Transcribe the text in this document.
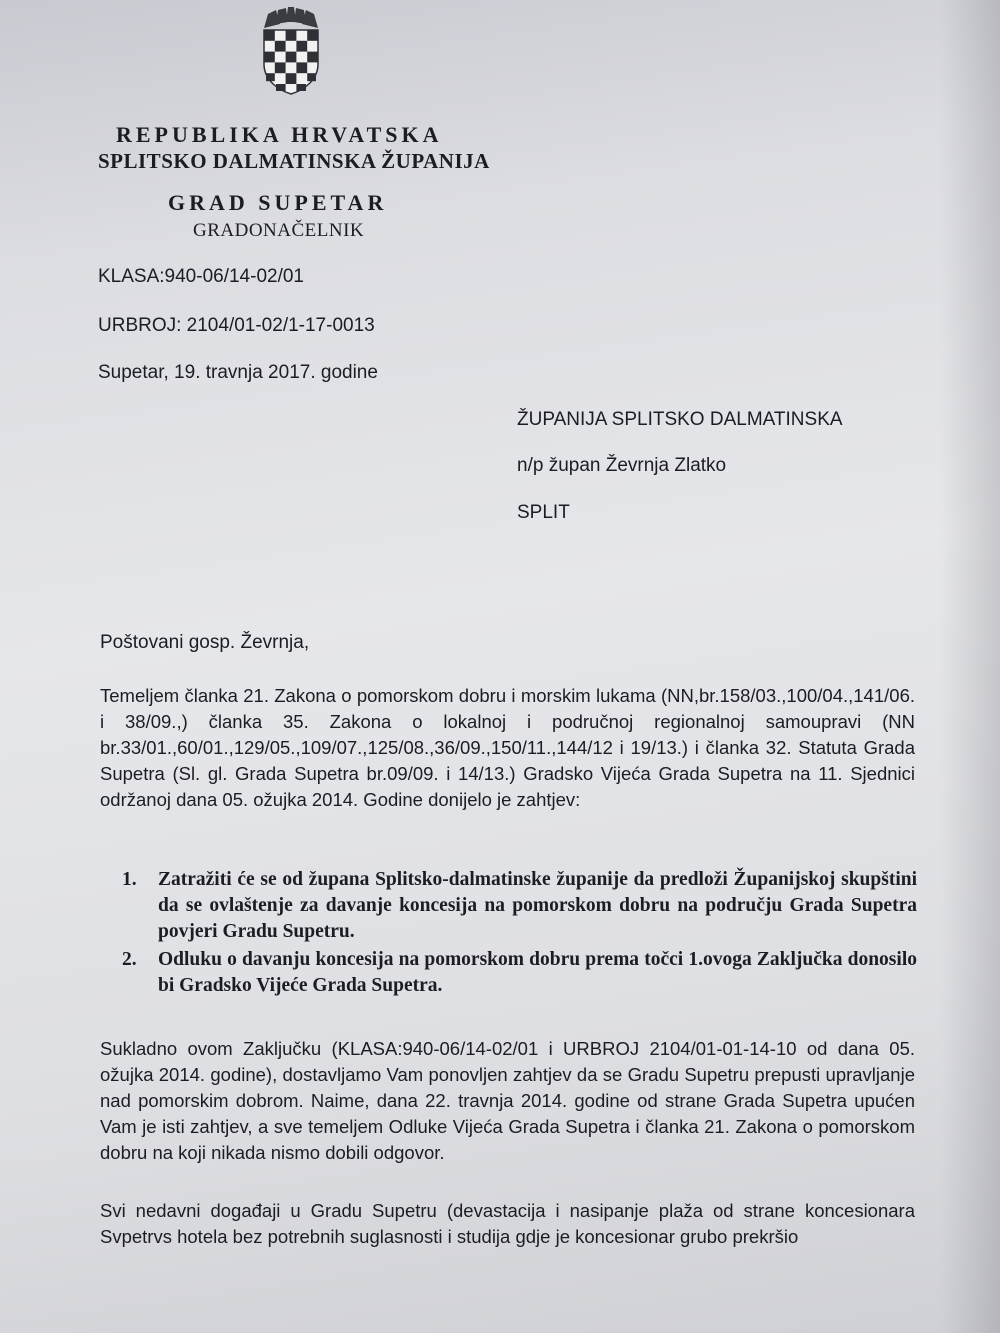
REPUBLIKA HRVATSKA
SPLITSKO DALMATINSKA ŽUPANIJA
GRAD SUPETAR
GRADONAČELNIK
KLASA:940-06/14-02/01
URBROJ: 2104/01-02/1-17-0013
Supetar, 19. travnja 2017. godine
ŽUPANIJA SPLITSKO DALMATINSKA
n/p župan Ževrnja Zlatko
SPLIT
Poštovani gosp. Ževrnja,
Temeljem članka 21. Zakona o pomorskom dobru i morskim lukama (NN,br.158/03.,100/04.,141/06. i 38/09.,) članka 35. Zakona o lokalnoj i područnoj regionalnoj samoupravi (NN br.33/01.,60/01.,129/05.,109/07.,125/08.,36/09.,150/11.,144/12 i 19/13.) i članka 32. Statuta Grada Supetra (Sl. gl. Grada Supetra br.09/09. i 14/13.) Gradsko Vijeća Grada Supetra na 11. Sjednici održanoj dana 05. ožujka 2014. Godine donijelo je zahtjev:
1. Zatražiti će se od župana Splitsko-dalmatinske županije da predloži Županijskoj skupštini da se ovlaštenje za davanje koncesija na pomorskom dobru na području Grada Supetra povjeri Gradu Supetru.
2. Odluku o davanju koncesija na pomorskom dobru prema točci 1.ovoga Zaključka donosilo bi Gradsko Vijeće Grada Supetra.
Sukladno ovom Zaključku (KLASA:940-06/14-02/01 i URBROJ 2104/01-01-14-10 od dana 05. ožujka 2014. godine), dostavljamo Vam ponovljen zahtjev da se Gradu Supetru prepusti upravljanje nad pomorskim dobrom. Naime, dana 22. travnja 2014. godine od strane Grada Supetra upućen Vam je isti zahtjev, a sve temeljem Odluke Vijeća Grada Supetra i članka 21. Zakona o pomorskom dobru na koji nikada nismo dobili odgovor.
Svi nedavni događaji u Gradu Supetru (devastacija i nasipanje plaža od strane koncesionara Svpetrvs hotela bez potrebnih suglasnosti i studija gdje je koncesionar grubo prekršio
